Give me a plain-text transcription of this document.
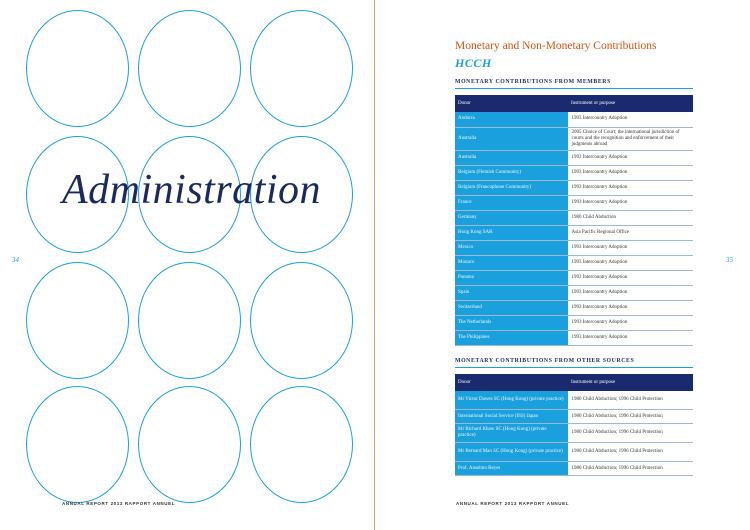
Administration
34
ANNUAL REPORT 2013 RAPPORT ANNUEL
Monetary and Non-Monetary Contributions
HCCH
MONETARY CONTRIBUTIONS FROM MEMBERS
Donor	Instrument or purpose
Andorra	1993 Intercountry Adoption
Australia	2005 Choice of Court; the international jurisdiction of courts and the recognition and enforcement of their judgments abroad
Australia	1993 Intercountry Adoption
Belgium (Flemish Community)	1993 Intercountry Adoption
Belgium (Francophone Community)	1993 Intercountry Adoption
France	1993 Intercountry Adoption
Germany	1980 Child Abduction
Hong Kong SAR	Asia Pacific Regional Office
Mexico	1993 Intercountry Adoption
Monaco	1993 Intercountry Adoption
Panama	1993 Intercountry Adoption
Spain	1993 Intercountry Adoption
Switzerland	1993 Intercountry Adoption
The Netherlands	1993 Intercountry Adoption
The Philippines	1993 Intercountry Adoption
MONETARY CONTRIBUTIONS FROM OTHER SOURCES
Donor	Instrument or purpose
Mr Victor Dawes SC (Hong Kong) (private practice)	1980 Child Abduction; 1996 Child Protection
International Social Service (ISS) Japan	1980 Child Abduction; 1996 Child Protection
Mr Richard Khaw SC (Hong Kong) (private practice)	1980 Child Abduction; 1996 Child Protection
Mr Bernard Man SC (Hong Kong) (private practice)	1980 Child Abduction; 1996 Child Protection
Prof. Anselmo Reyes	1980 Child Abduction; 1996 Child Protection
35
ANNUAL REPORT 2013 RAPPORT ANNUEL
